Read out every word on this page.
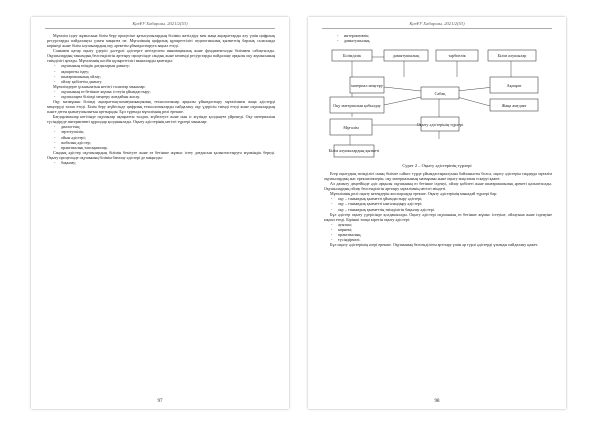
ҚазҰУ Хабаршы. 2021/2(53)

Мұғалім іздеу жұмысына білім беру процесіне қатысушылардың білімін жетілдіру мен жаңа ақпараттарды алу үшін цифрлық ресурстарды пайдалануы үлкен маңызға ие. Мұғалімнің цифрлық құзыреттілігі педагогикалық қызметтің барлық саласында көрінеді және білім алушылардың оқу әрекетін ұйымдастыруға ықпал етеді.

Сонымен қатар оқыту үдерісі дәстүрлі әдістерге негізделген инновациялық және фундаменталды біліммен сабақтасады. Оқушылардың танымдық белсенділігін арттыру процесінде сандық және кешенді ресурстарды пайдалану арқылы оқу жұмысының тиімділігі артады. Мұғалімнің кәсіби құзыреттілігі мыналарды қамтиды:

- оқушының өзіндік дағдыларын дамыту;
- ақпаратты іздеу;
- шығармашылық ойлау;
- ойлау қабілетін дамыту.

Мұғалімдерге ұсынылатын негізгі талаптар мыналар:

- оқушының өз бетінше жұмыс істеуін ұйымдастыру;
- оқушыларға білімді меңгеру жағдайын жасау.

Оқу мазмұнын білімді ақпараттық-коммуникациялық технологиялар арқылы ұйымдастыру мұғалімнен жаңа әдістерді меңгеруді талап етеді. Білім беру жүйесінде цифрлық технологияларды пайдалану оқу үдерісін тиімді етеді және оқушылардың пәнге деген қызығушылығын арттырады. Бұл тұрғыда мұғалімнің рөлі ерекше.

Бағдарламалар негізінде оқушылар ақпаратты талдап, жүйелеуге және оны іс жүзінде қолдануға үйренеді. Оқу материалын түсіндіруде интерактивті құралдар қолданылады. Оқыту әдістерінің негізгі түрлері мыналар:

- диалогтық;
- зерттеушілік;
- ойын әдістері;
- жобалық әдістер;
- практикалық тапсырмалар.

Сандық әдістер оқушылардың білімін бекітуге және өз бетінше жұмыс істеу дағдысын қалыптастыруға мүмкіндік береді. Оқыту процесінде оқушының білімін бағалау әдістері де маңызды:

- бақылау;
97
ҚазҰУ Хабаршы. 2021/2(53)
- интерактивтік;
- дамытушылық.
Білімділік	дамытушылық	тәрбиелік	Білім алушылар
материал меңгеру	Ақпарат
Оқу материалын қабылдау	Жаңа жағдаят
Сабақ
Оқыту әдістерінің түрлері
Мұғалім
Білім алушылардың қызметі
Сурет 2 – Оқыту әдістерінің түрлері

Егер оқытудың тиімділігі оның білімге сәйкес түрде ұйымдастырылуына байланысты болса, оқыту әдістерін таңдауда мұғалім оқушылардың жас ерекшеліктерін, оқу материалының мазмұнын және оқыту мақсатын ескеруі қажет.

Ал дамыту деңгейінде әдіс арқылы оқушының өз бетінше ізденуі, ойлау қабілеті және шығармашылық әрекеті қалыптасады. Оқушылардың ойлау белсенділігін арттыру мұғалімнің негізгі міндеті.

Мұғалімнің рөлі оқыту кезеңдерін жоспарлауда ерекше. Оқыту әдістерінің мынадай түрлері бар:

- оқу – танымдық қызметті ұйымдастыру әдістері;
- оқу – танымдық қызметті ынталандыру әдістері;
- оқу – танымдық қызметтің тиімділігін бақылау әдістері.

Бұл әдістер оқыту үдерісінде қолданылады. Оқыту әдістері оқушының өз бетінше жұмыс істеуіне, ойлауына және ізденуіне ықпал етеді. Бірінші топқа кіретін оқыту әдістері:

- ауызша;
- көрнекі;
- практикалық;
- түсіндірмелі.

Бұл оқыту әдістерінің әсері ерекше. Оқушының белсенділігін арттыру үшін әр түрлі әдістерді ұтымды пайдалану қажет.

98
